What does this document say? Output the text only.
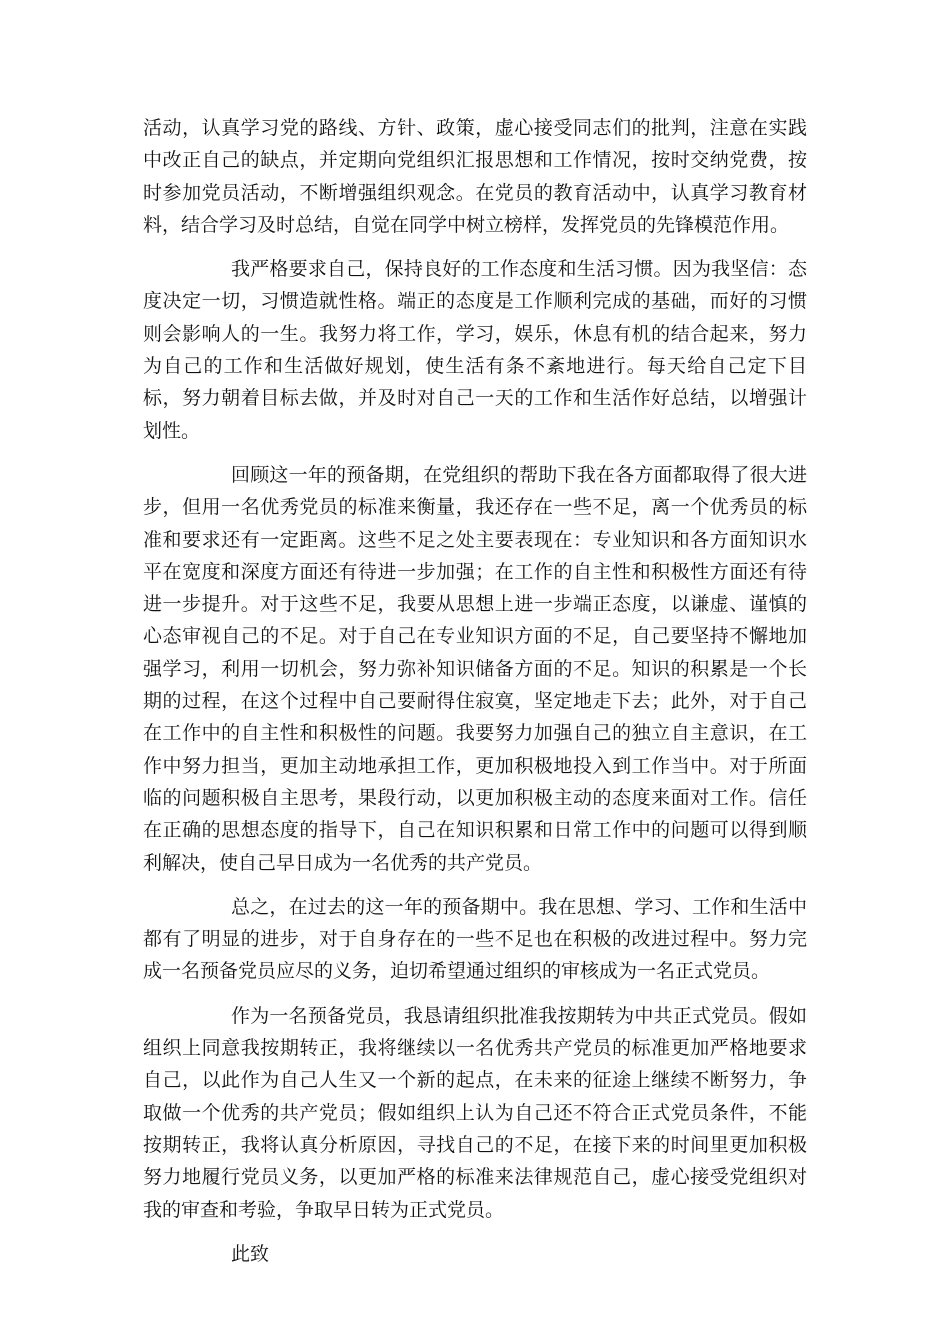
活动，认真学习党的路线、方针、政策，虚心接受同志们的批判，注意在实践中改正自己的缺点，并定期向党组织汇报思想和工作情况，按时交纳党费，按时参加党员活动，不断增强组织观念。在党员的教育活动中，认真学习教育材料，结合学习及时总结，自觉在同学中树立榜样，发挥党员的先锋模范作用。

我严格要求自己，保持良好的工作态度和生活习惯。因为我坚信：态度决定一切，习惯造就性格。端正的态度是工作顺利完成的基础，而好的习惯则会影响人的一生。我努力将工作，学习，娱乐，休息有机的结合起来，努力为自己的工作和生活做好规划，使生活有条不紊地进行。每天给自己定下目标，努力朝着目标去做，并及时对自己一天的工作和生活作好总结，以增强计划性。

回顾这一年的预备期，在党组织的帮助下我在各方面都取得了很大进步，但用一名优秀党员的标准来衡量，我还存在一些不足，离一个优秀员的标准和要求还有一定距离。这些不足之处主要表现在：专业知识和各方面知识水平在宽度和深度方面还有待进一步加强；在工作的自主性和积极性方面还有待进一步提升。对于这些不足，我要从思想上进一步端正态度，以谦虚、谨慎的心态审视自己的不足。对于自己在专业知识方面的不足，自己要坚持不懈地加强学习，利用一切机会，努力弥补知识储备方面的不足。知识的积累是一个长期的过程，在这个过程中自己要耐得住寂寞，坚定地走下去；此外，对于自己在工作中的自主性和积极性的问题。我要努力加强自己的独立自主意识，在工作中努力担当，更加主动地承担工作，更加积极地投入到工作当中。对于所面临的问题积极自主思考，果段行动，以更加积极主动的态度来面对工作。信任在正确的思想态度的指导下，自己在知识积累和日常工作中的问题可以得到顺利解决，使自己早日成为一名优秀的共产党员。

总之，在过去的这一年的预备期中。我在思想、学习、工作和生活中都有了明显的进步，对于自身存在的一些不足也在积极的改进过程中。努力完成一名预备党员应尽的义务，迫切希望通过组织的审核成为一名正式党员。

作为一名预备党员，我恳请组织批准我按期转为中共正式党员。假如组织上同意我按期转正，我将继续以一名优秀共产党员的标准更加严格地要求自己，以此作为自己人生又一个新的起点，在未来的征途上继续不断努力，争取做一个优秀的共产党员；假如组织上认为自己还不符合正式党员条件，不能按期转正，我将认真分析原因，寻找自己的不足，在接下来的时间里更加积极努力地履行党员义务，以更加严格的标准来法律规范自己，虚心接受党组织对我的审查和考验，争取早日转为正式党员。

此致
